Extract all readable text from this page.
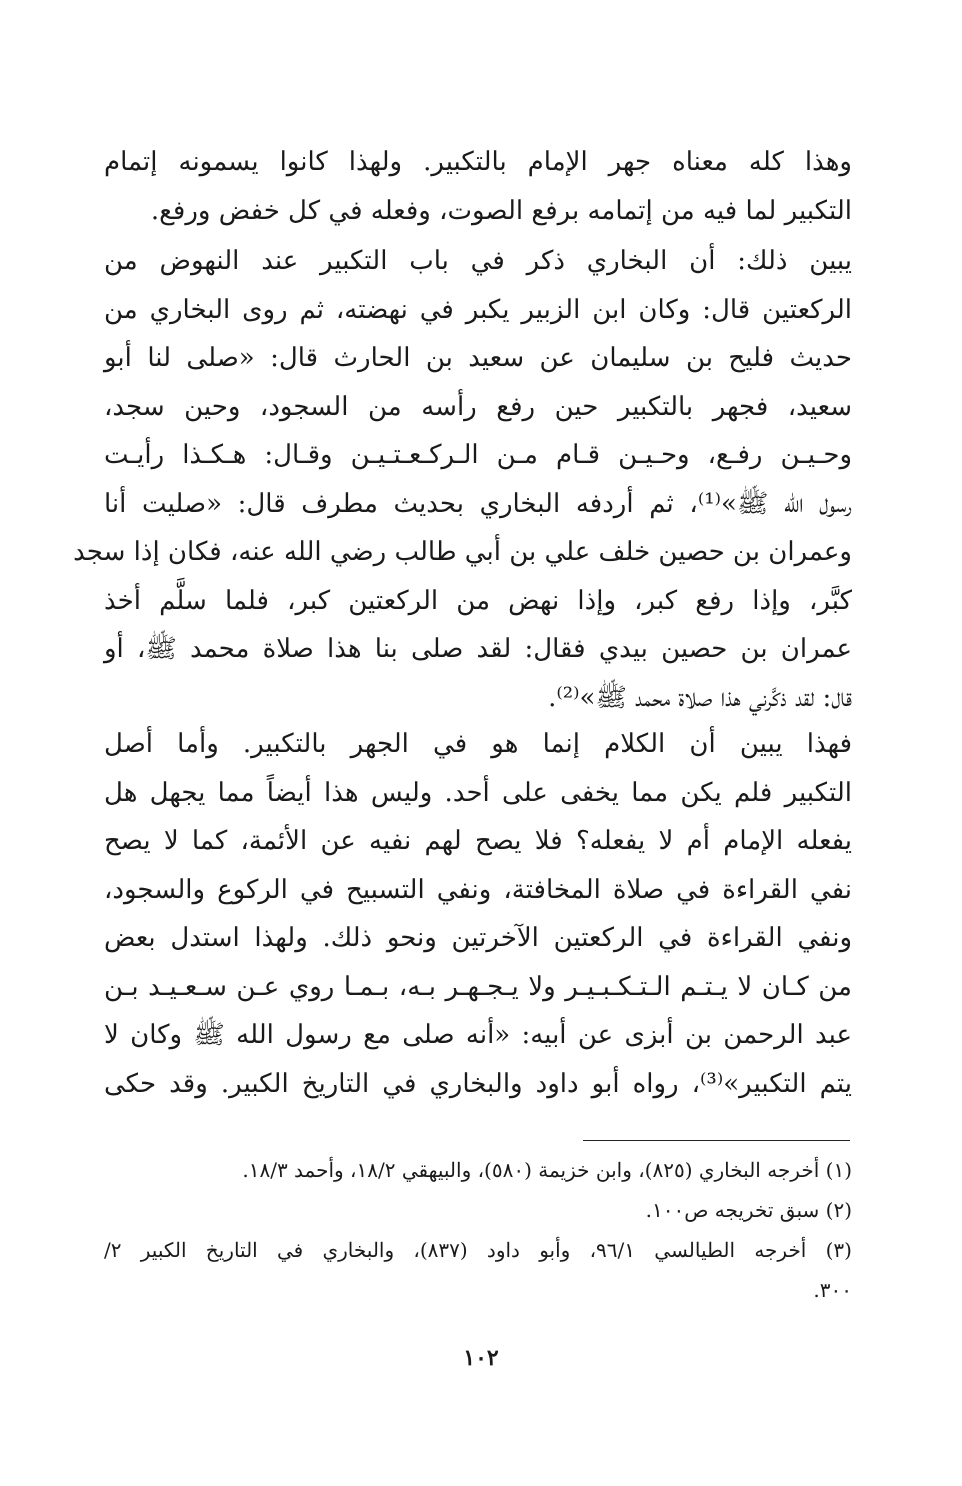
وهذا كله معناه جهر الإمام بالتكبير. ولهذا كانوا يسمونه إتمام
التكبير لما فيه من إتمامه برفع الصوت، وفعله في كل خفض ورفع.
يبين ذلك: أن البخاري ذكر في باب التكبير عند النهوض من
الركعتين قال: وكان ابن الزبير يكبر في نهضته، ثم روى البخاري من
حديث فليح بن سليمان عن سعيد بن الحارث قال: «صلى لنا أبو
سعيد، فجهر بالتكبير حين رفع رأسه من السجود، وحين سجد،
وحـيـن رفـع، وحـيـن قـام مـن الـركـعـتـيـن وقـال: هـكـذا رأيـت
رسول الله ﷺ»⁽¹⁾، ثم أردفه البخاري بحديث مطرف قال: «صليت أنا
وعمران بن حصين خلف علي بن أبي طالب رضي الله عنه، فكان إذا سجد
كبَّر، وإذا رفع كبر، وإذا نهض من الركعتين كبر، فلما سلَّم أخذ
عمران بن حصين بيدي فقال: لقد صلى بنا هذا صلاة محمد ﷺ، أو
قال: لقد ذكَّرني هذا صلاة محمد ﷺ»⁽²⁾.
فهذا يبين أن الكلام إنما هو في الجهر بالتكبير. وأما أصل
التكبير فلم يكن مما يخفى على أحد. وليس هذا أيضاً مما يجهل هل
يفعله الإمام أم لا يفعله؟ فلا يصح لهم نفيه عن الأئمة، كما لا يصح
نفي القراءة في صلاة المخافتة، ونفي التسبيح في الركوع والسجود،
ونفي القراءة في الركعتين الآخرتين ونحو ذلك. ولهذا استدل بعض
من كـان لا يـتـم الـتـكـبـيـر ولا يـجـهـر بـه، بـمـا روي عـن سـعـيـد بـن
عبد الرحمن بن أبزى عن أبيه: «أنه صلى مع رسول الله ﷺ وكان لا
يتم التكبير»⁽³⁾، رواه أبو داود والبخاري في التاريخ الكبير. وقد حكى
(١) أخرجه البخاري (٨٢٥)، وابن خزيمة (٥٨٠)، والبيهقي ١٨/٢، وأحمد ١٨/٣.
(٢) سبق تخريجه ص١٠٠.
(٣) أخرجه الطيالسي ٩٦/١، وأبو داود (٨٣٧)، والبخاري في التاريخ الكبير ٢/
٣٠٠.
١٠٢
